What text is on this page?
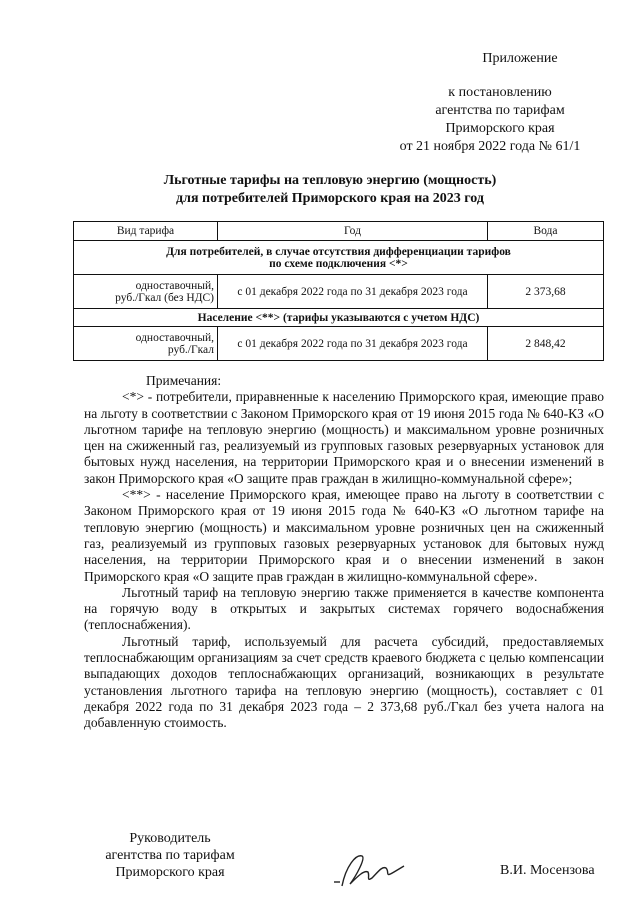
Приложение
к постановлению
агентства по тарифам
Приморского края
от 21 ноября 2022 года № 61/1
Льготные тарифы на тепловую энергию (мощность)
для потребителей Приморского края на 2023 год
Вид тарифа	Год	Вода

Для потребителей, в случае отсутствия дифференциации тарифов
по схеме подключения <*>		

одноставочный,
руб./Гкал (без НДС)	с 01 декабря 2022 года по 31 декабря 2023 года	2 373,68
Население <**> (тарифы указываются с учетом НДС)		

одноставочный,
руб./Гкал	с 01 декабря 2022 года по 31 декабря 2023 года	2 848,42

Примечания:

<*> - потребители, приравненные к населению Приморского края, имеющие право на льготу в соответствии с Законом Приморского края от 19 июня 2015 года № 640-КЗ «О льготном тарифе на тепловую энергию (мощность) и максимальном уровне розничных цен на сжиженный газ, реализуемый из групповых газовых резервуарных установок для бытовых нужд населения, на территории Приморского края и о внесении изменений в закон Приморского края «О защите прав граждан в жилищно-коммунальной сфере»;

<**> - население Приморского края, имеющее право на льготу в соответствии с Законом Приморского края от 19 июня 2015 года № 640-КЗ «О льготном тарифе на тепловую энергию (мощность) и максимальном уровне розничных цен на сжиженный газ, реализуемый из групповых газовых резервуарных установок для бытовых нужд населения, на территории Приморского края и о внесении изменений в закон Приморского края «О защите прав граждан в жилищно-коммунальной сфере».

Льготный тариф на тепловую энергию также применяется в качестве компонента на горячую воду в открытых и закрытых системах горячего водоснабжения (теплоснабжения).

Льготный тариф, используемый для расчета субсидий, предоставляемых теплоснабжающим организациям за счет средств краевого бюджета с целью компенсации выпадающих доходов теплоснабжающих организаций, возникающих в результате установления льготного тарифа на тепловую энергию (мощность), составляет с 01 декабря 2022 года по 31 декабря 2023 года – 2 373,68 руб./Гкал без учета налога на добавленную стоимость.

Руководитель
агентства по тарифам
Приморского края	В.И. Мосензова
